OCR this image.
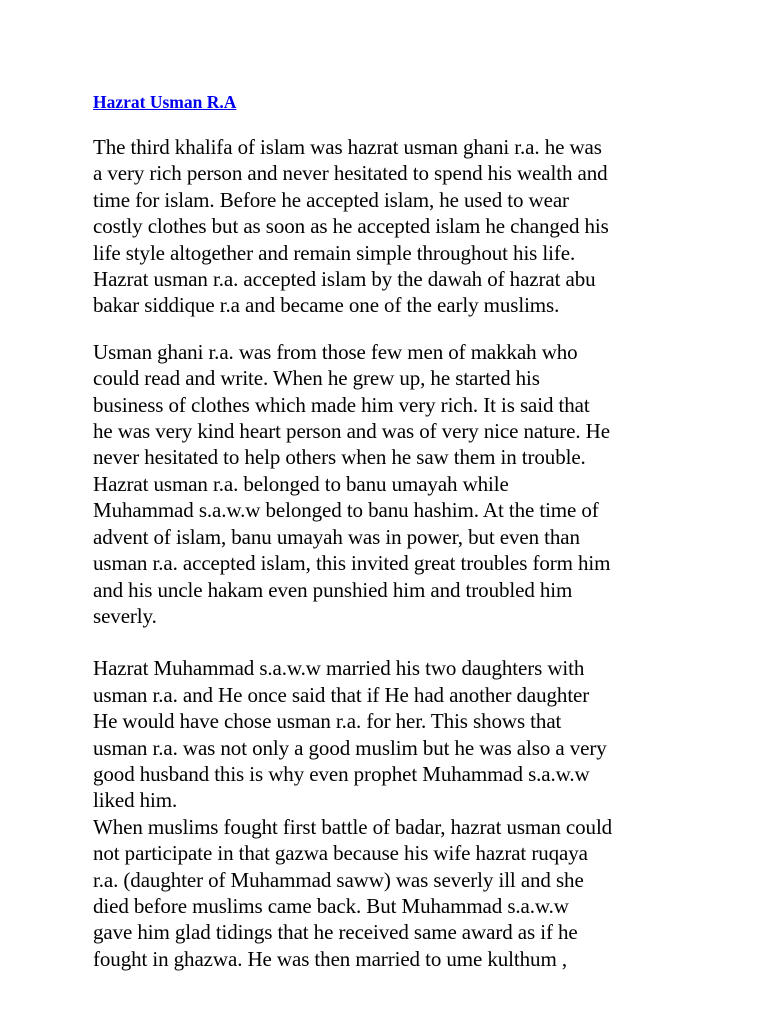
Hazrat Usman R.A

The third khalifa of islam was hazrat usman ghani r.a. he was
a very rich person and never hesitated to spend his wealth and
time for islam. Before he accepted islam, he used to wear
costly clothes but as soon as he accepted islam he changed his
life style altogether and remain simple throughout his life.
Hazrat usman r.a. accepted islam by the dawah of hazrat abu
bakar siddique r.a and became one of the early muslims.

Usman ghani r.a. was from those few men of makkah who
could read and write. When he grew up, he started his
business of clothes which made him very rich. It is said that
he was very kind heart person and was of very nice nature. He
never hesitated to help others when he saw them in trouble.
Hazrat usman r.a. belonged to banu umayah while
Muhammad s.a.w.w belonged to banu hashim. At the time of
advent of islam, banu umayah was in power, but even than
usman r.a. accepted islam, this invited great troubles form him
and his uncle hakam even punshied him and troubled him
severly.

Hazrat Muhammad s.a.w.w married his two daughters with
usman r.a. and He once said that if He had another daughter
He would have chose usman r.a. for her. This shows that
usman r.a. was not only a good muslim but he was also a very
good husband this is why even prophet Muhammad s.a.w.w
liked him.

When muslims fought first battle of badar, hazrat usman could
not participate in that gazwa because his wife hazrat ruqaya
r.a. (daughter of Muhammad saww) was severly ill and she
died before muslims came back. But Muhammad s.a.w.w
gave him glad tidings that he received same award as if he
fought in ghazwa. He was then married to ume kulthum ,
